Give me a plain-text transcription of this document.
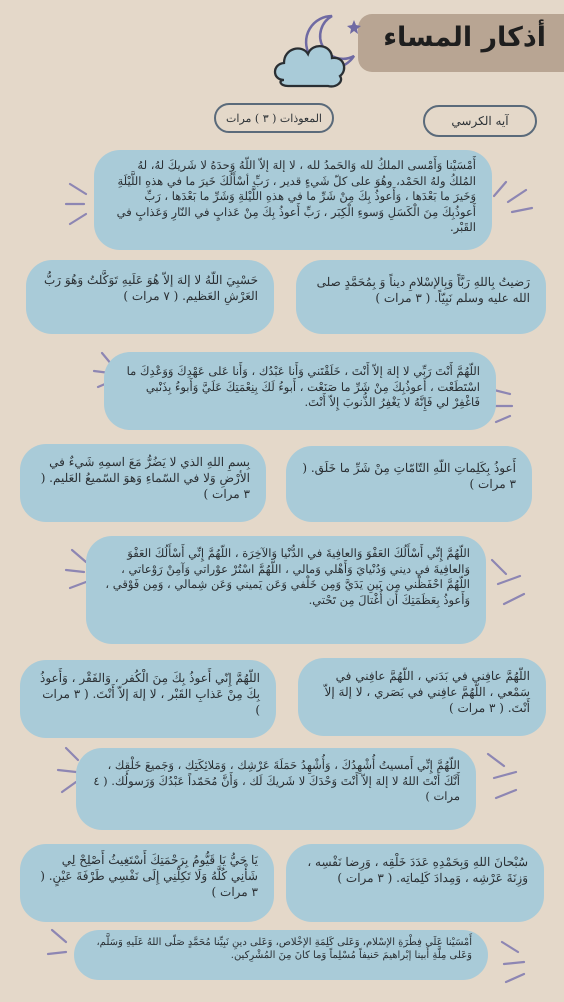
أذكار المساء
آيه الكرسي
المعوذات ( ٣ ) مرات

أَمْسَيْنا وَأَمْسى الملكُ لله وَالحَمدُ لله ، لا إلهَ إلاّ اللّهُ وَحدَهُ لا شَريكَ لهُ، لهُ المُلكُ ولهُ الحَمْد، وهُوَ على كلّ شَيءٍ قدير ، رَبِّ أسْأَلُكَ خَيرَ ما في هذهِ اللَّيْلَةِ وَخَيرَ ما بَعْدَها ، وَأَعوذُ بِكَ مِنْ شَرِّ ما في هذهِ اللَّيْلةِ وَشَرِّ ما بَعْدَها ، رَبِّ أَعوذُبِكَ مِنَ الْكَسَلِ وَسوءِ الْكِبَر ، رَبِّ أَعوذُ بِكَ مِنْ عَذابٍ في النّارِ وَعَذابٍ في القَبْر.

رَضيتُ بِاللهِ رَبَّاً وَبِالإسْلامِ ديناً وَ بِمُحَمَّدٍ صلى الله عليه وسلم نَبِيّاً. ( ٣ مرات )

حَسْبِيَ اللّهُ لا إلهَ إلاّ هُوَ عَلَيهِ تَوَكَّلتُ وَهُوَ رَبُّ العَرْشِ العَظيم. ( ٧ مرات )

اللّهُمَّ أَنْتَ رَبِّي لا إلهَ إلاّ أَنْتَ ، خَلَقْتَني وَأَنا عَبْدُك ، وَأَنا عَلى عَهْدِكَ وَوَعْدِكَ ما اسْتَطَعْت ، أَعوذُبِكَ مِنْ شَرِّ ما صَنَعْت ، أَبوءُ لَكَ بِنِعْمَتِكَ عَلَيَّ وَأَبوءُ بِذَنْبي فَاغْفِرْ لي فَإِنَّهُ لا يَغْفِرُ الذُّنوبَ إِلاّ أَنْتَ.

أَعوذُ بِكَلِماتِ اللّهِ التّامّاتِ مِنْ شَرِّ ما خَلَق. ( ٣ مرات )

بِسمِ اللهِ الذي لا يَضُرُّ مَعَ اسمِهِ شَيءٌ في الأرْضِ وَلا في السّماءِ وَهوَ السّميعُ العَليم. ( ٣ مرات )

اللّهُمَّ إِنِّي أَسْأَلُكَ العَفْوَ وَالعافِيةَ في الدُّنْيا وَالآخِرَة ، اللّهُمَّ إِنِّي أَسْأَلُكَ العَفْوَ وَالعافِيةَ في ديني وَدُنْيايَ وَأَهْلي وَمالي ، اللّهُمَّ اسْتُرْ عوْراتي وَآمِنْ رَوْعاتي ، اللّهُمَّ احْفَظْني مِن بَينِ يَدَيَّ وَمِن خَلْفي وَعَن يَميني وَعَن شِمالي ، وَمِن فَوْقي ، وَأَعوذُ بِعَظَمَتِكَ أَن أُغْتالَ مِن تَحْتي.

اللّهُمَّ عافِني في بَدَني ، اللّهُمَّ عافِني في سَمْعي ، اللّهُمَّ عافِني في بَصَري ، لا إلهَ إلاّ أَنْتَ. ( ٣ مرات )

اللّهُمَّ إِنّي أَعوذُ بِكَ مِنَ الْكُفر ، وَالفَقْر ، وَأَعوذُ بِكَ مِنْ عَذابِ القَبْر ، لا إلهَ إلاّ أَنْتَ. ( ٣ مرات )

اللّهُمَّ إِنِّي أَمسيتُ أُشْهِدُكَ ، وَأُشْهِدُ حَمَلَةَ عَرْشِك ، وَمَلائِكَتِك ، وَجَميعَ خَلْقِك ، أَنَّكَ أَنْتَ اللهُ لا إلهَ إلاّ أَنْتَ وَحْدَكَ لا شَريكَ لَك ، وَأَنَّ مُحَمّداً عَبْدُكَ وَرَسولُك. ( ٤ مرات )

سُبْحانَ اللهِ وَبِحَمْدِهِ عَدَدَ خَلْقِه ، وَرِضا نَفْسِه ، وَزِنَةَ عَرْشِه ، وَمِدادَ كَلِماتِه. ( ٣ مرات )

يَا حَيُّ يَا قَيُّومُ بِرَحْمَتِكَ أَسْتَغِيثُ أَصْلِحْ لِي شَأْنِي كُلَّهُ وَلَا تَكِلْنِي إِلَى نَفْسِي طَرْفَةَ عَيْنٍ. ( ٣ مرات )

أَمْسَيْنا عَلَى فِطْرَةِ الإسْلام، وَعَلى كَلِمَةِ الإخْلاص، وَعَلى دينِ نَبِيِّنا مُحَمَّدٍ صَلّى اللهُ عَلَيهِ وَسَلَّم، وَعَلى مِلَّةِ أَبينا إبْراهيمَ حَنيفاً مُسْلِماً وَما كانَ مِنَ المُشْرِكين.
